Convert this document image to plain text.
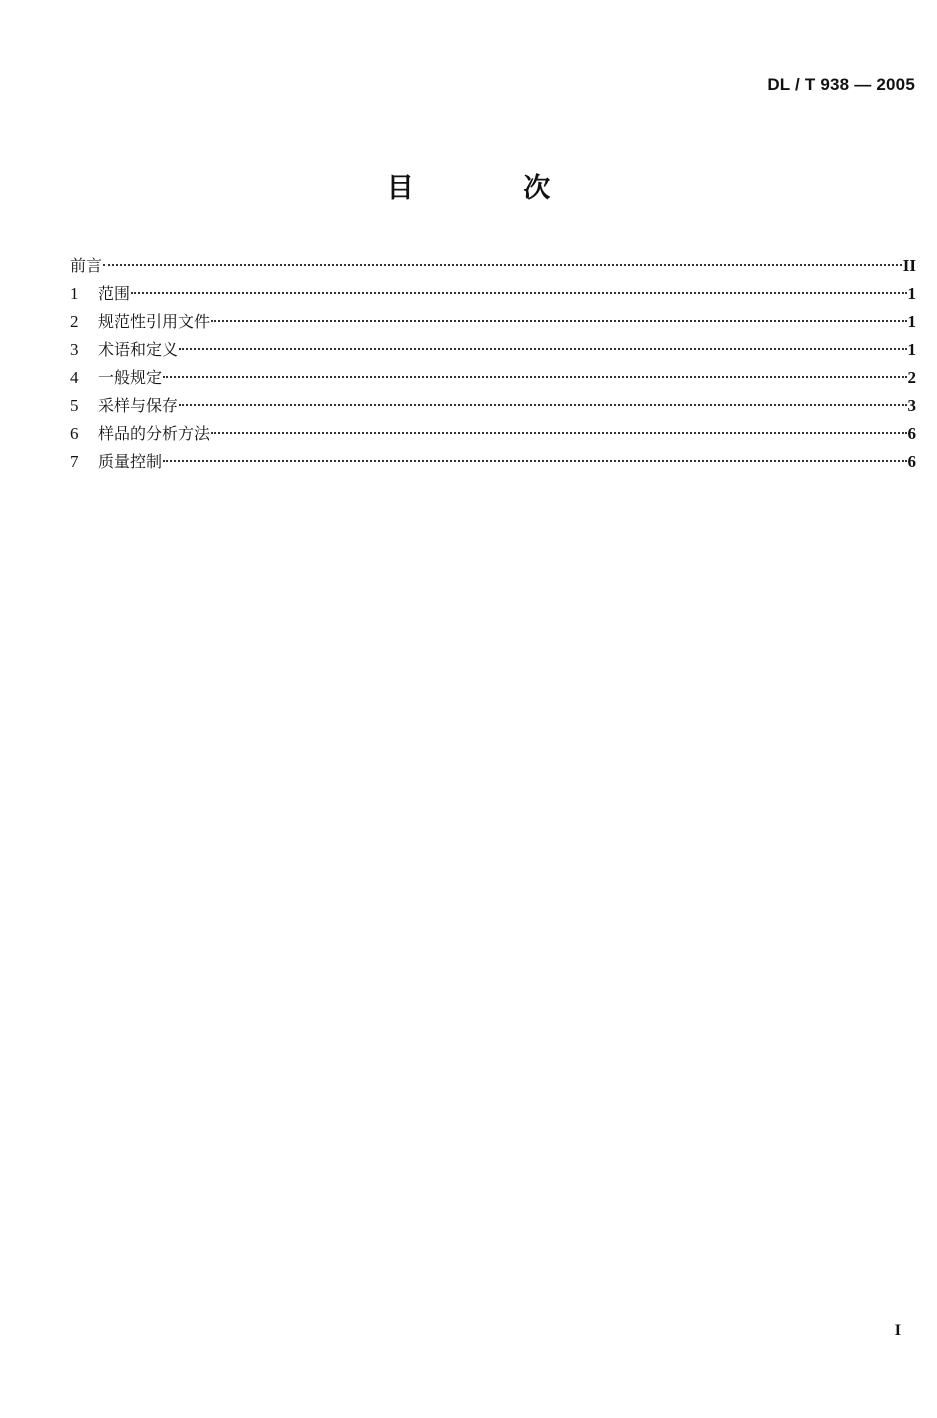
DL / T 938 — 2005
目 次
前言	II
1	范围	1
2	规范性引用文件	1
3	术语和定义	1
4	一般规定	2
5	采样与保存	3
6	样品的分析方法	6
7	质量控制	6
I
